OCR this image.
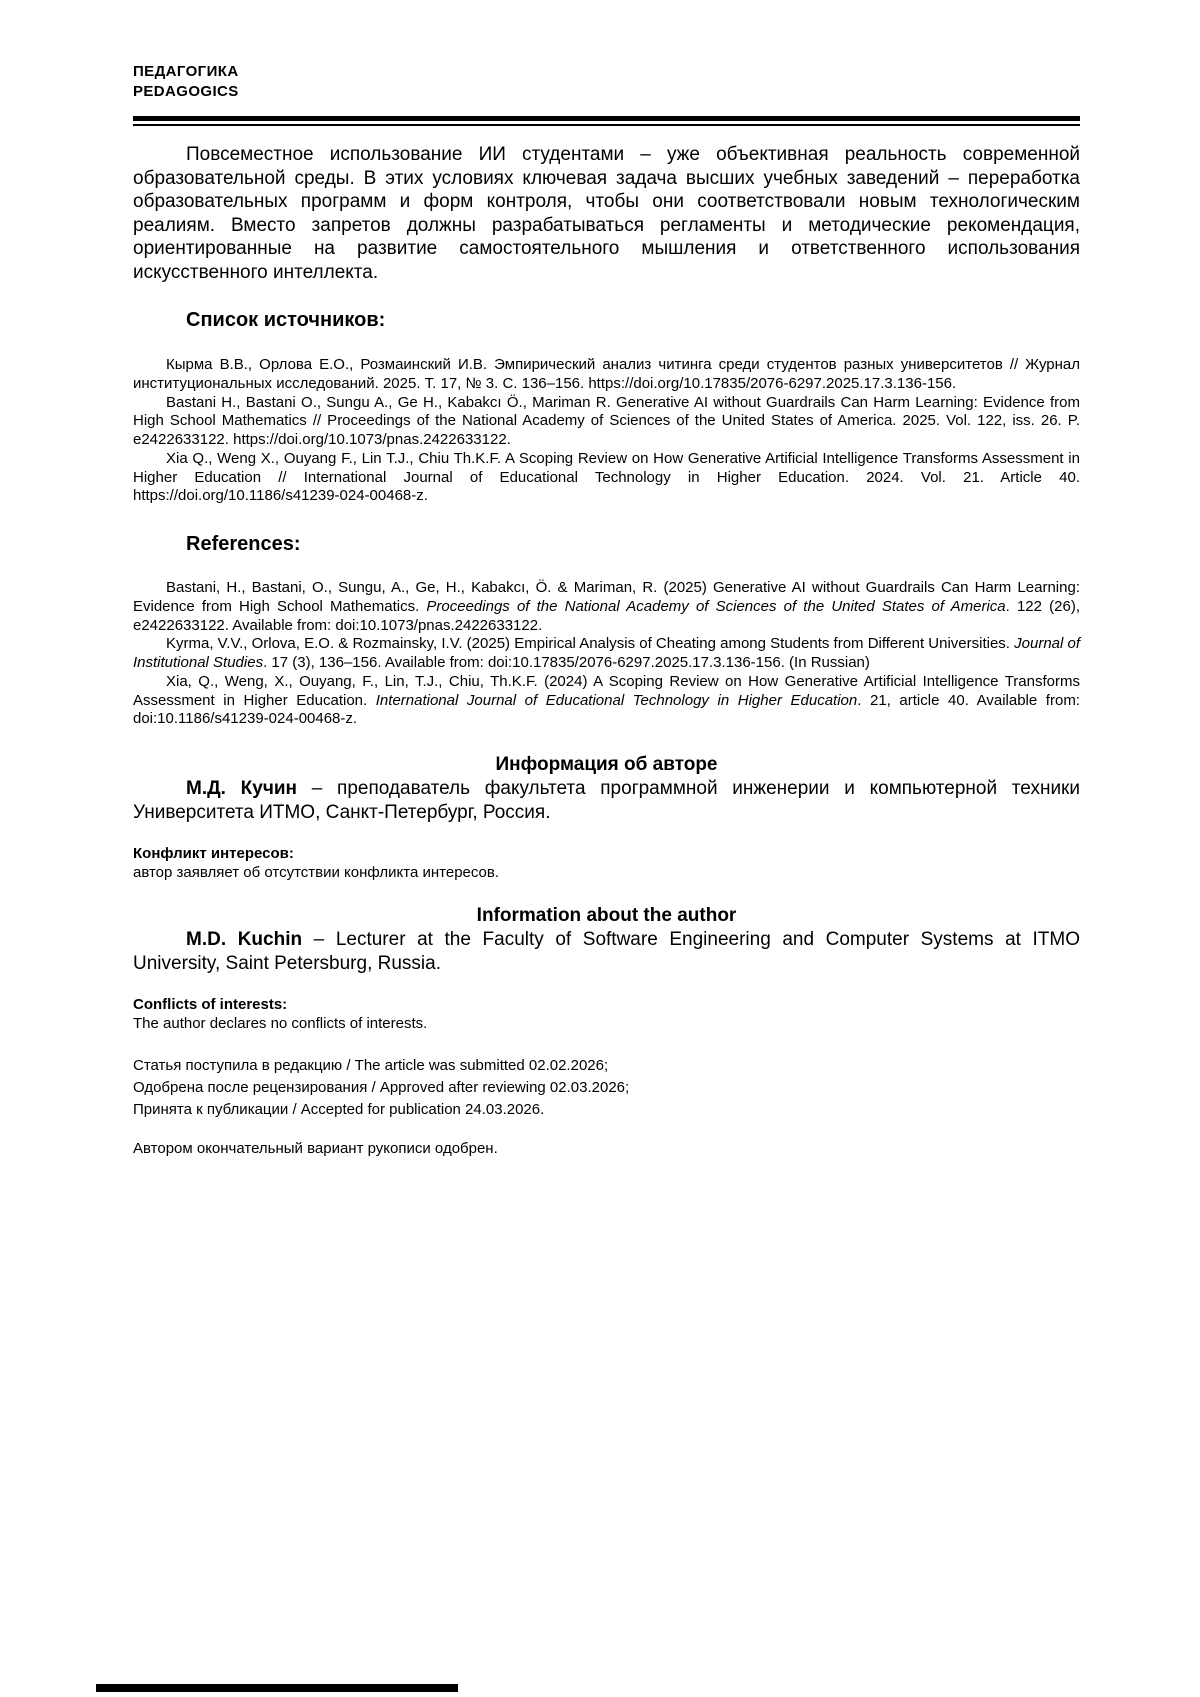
ПЕДАГОГИКА
PEDAGOGICS

Повсеместное использование ИИ студентами – уже объективная реальность современной образовательной среды. В этих условиях ключевая задача высших учебных заведений – переработка образовательных программ и форм контроля, чтобы они соответствовали новым технологическим реалиям. Вместо запретов должны разрабатываться регламенты и методические рекомендация, ориентированные на развитие самостоятельного мышления и ответственного использования искусственного интеллекта.

Список источников:

Кырма В.В., Орлова Е.О., Розмаинский И.В. Эмпирический анализ читинга среди студентов разных университетов // Журнал институциональных исследований. 2025. Т. 17, № 3. С. 136–156. https://doi.org/10.17835/2076-6297.2025.17.3.136-156.

Bastani H., Bastani O., Sungu A., Ge H., Kabakcı Ö., Mariman R. Generative AI without Guardrails Can Harm Learning: Evidence from High School Mathematics // Proceedings of the National Academy of Sciences of the United States of America. 2025. Vol. 122, iss. 26. P. e2422633122. https://doi.org/10.1073/pnas.2422633122.

Xia Q., Weng X., Ouyang F., Lin T.J., Chiu Th.K.F. A Scoping Review on How Generative Artificial Intelligence Transforms Assessment in Higher Education // International Journal of Educational Technology in Higher Education. 2024. Vol. 21. Article 40. https://doi.org/10.1186/s41239-024-00468-z.

References:

Bastani, H., Bastani, O., Sungu, A., Ge, H., Kabakcı, Ö. & Mariman, R. (2025) Generative AI without Guardrails Can Harm Learning: Evidence from High School Mathematics. Proceedings of the National Academy of Sciences of the United States of America. 122 (26), e2422633122. Available from: doi:10.1073/pnas.2422633122.

Kyrma, V.V., Orlova, E.O. & Rozmainsky, I.V. (2025) Empirical Analysis of Cheating among Students from Different Universities. Journal of Institutional Studies. 17 (3), 136–156. Available from: doi:10.17835/2076-6297.2025.17.3.136-156. (In Russian)

Xia, Q., Weng, X., Ouyang, F., Lin, T.J., Chiu, Th.K.F. (2024) A Scoping Review on How Generative Artificial Intelligence Transforms Assessment in Higher Education. International Journal of Educational Technology in Higher Education. 21, article 40. Available from: doi:10.1186/s41239-024-00468-z.

Информация об авторе

М.Д. Кучин – преподаватель факультета программной инженерии и компьютерной техники Университета ИТМО, Санкт-Петербург, Россия.

Конфликт интересов:

автор заявляет об отсутствии конфликта интересов.

Information about the author

M.D. Kuchin – Lecturer at the Faculty of Software Engineering and Computer Systems at ITMO University, Saint Petersburg, Russia.

Conflicts of interests:

The author declares no conflicts of interests.

Статья поступила в редакцию / The article was submitted 02.02.2026;

Одобрена после рецензирования / Approved after reviewing 02.03.2026;

Принята к публикации / Accepted for publication 24.03.2026.

Автором окончательный вариант рукописи одобрен.
